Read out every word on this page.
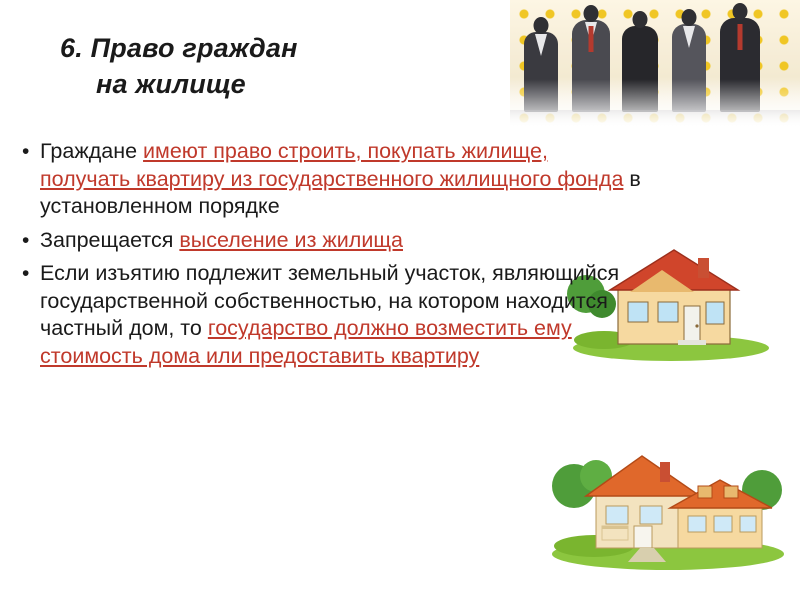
6. Право граждан
на жилище
• Граждане имеют право строить, покупать жилище, получать квартиру из государственного жилищного фонда в установленном порядке
• Запрещается выселение из жилища
• Если изъятию подлежит земельный участок, являющийся государственной собственностью, на котором находится частный дом, то государство должно возместить ему стоимость дома или предоставить квартиру
